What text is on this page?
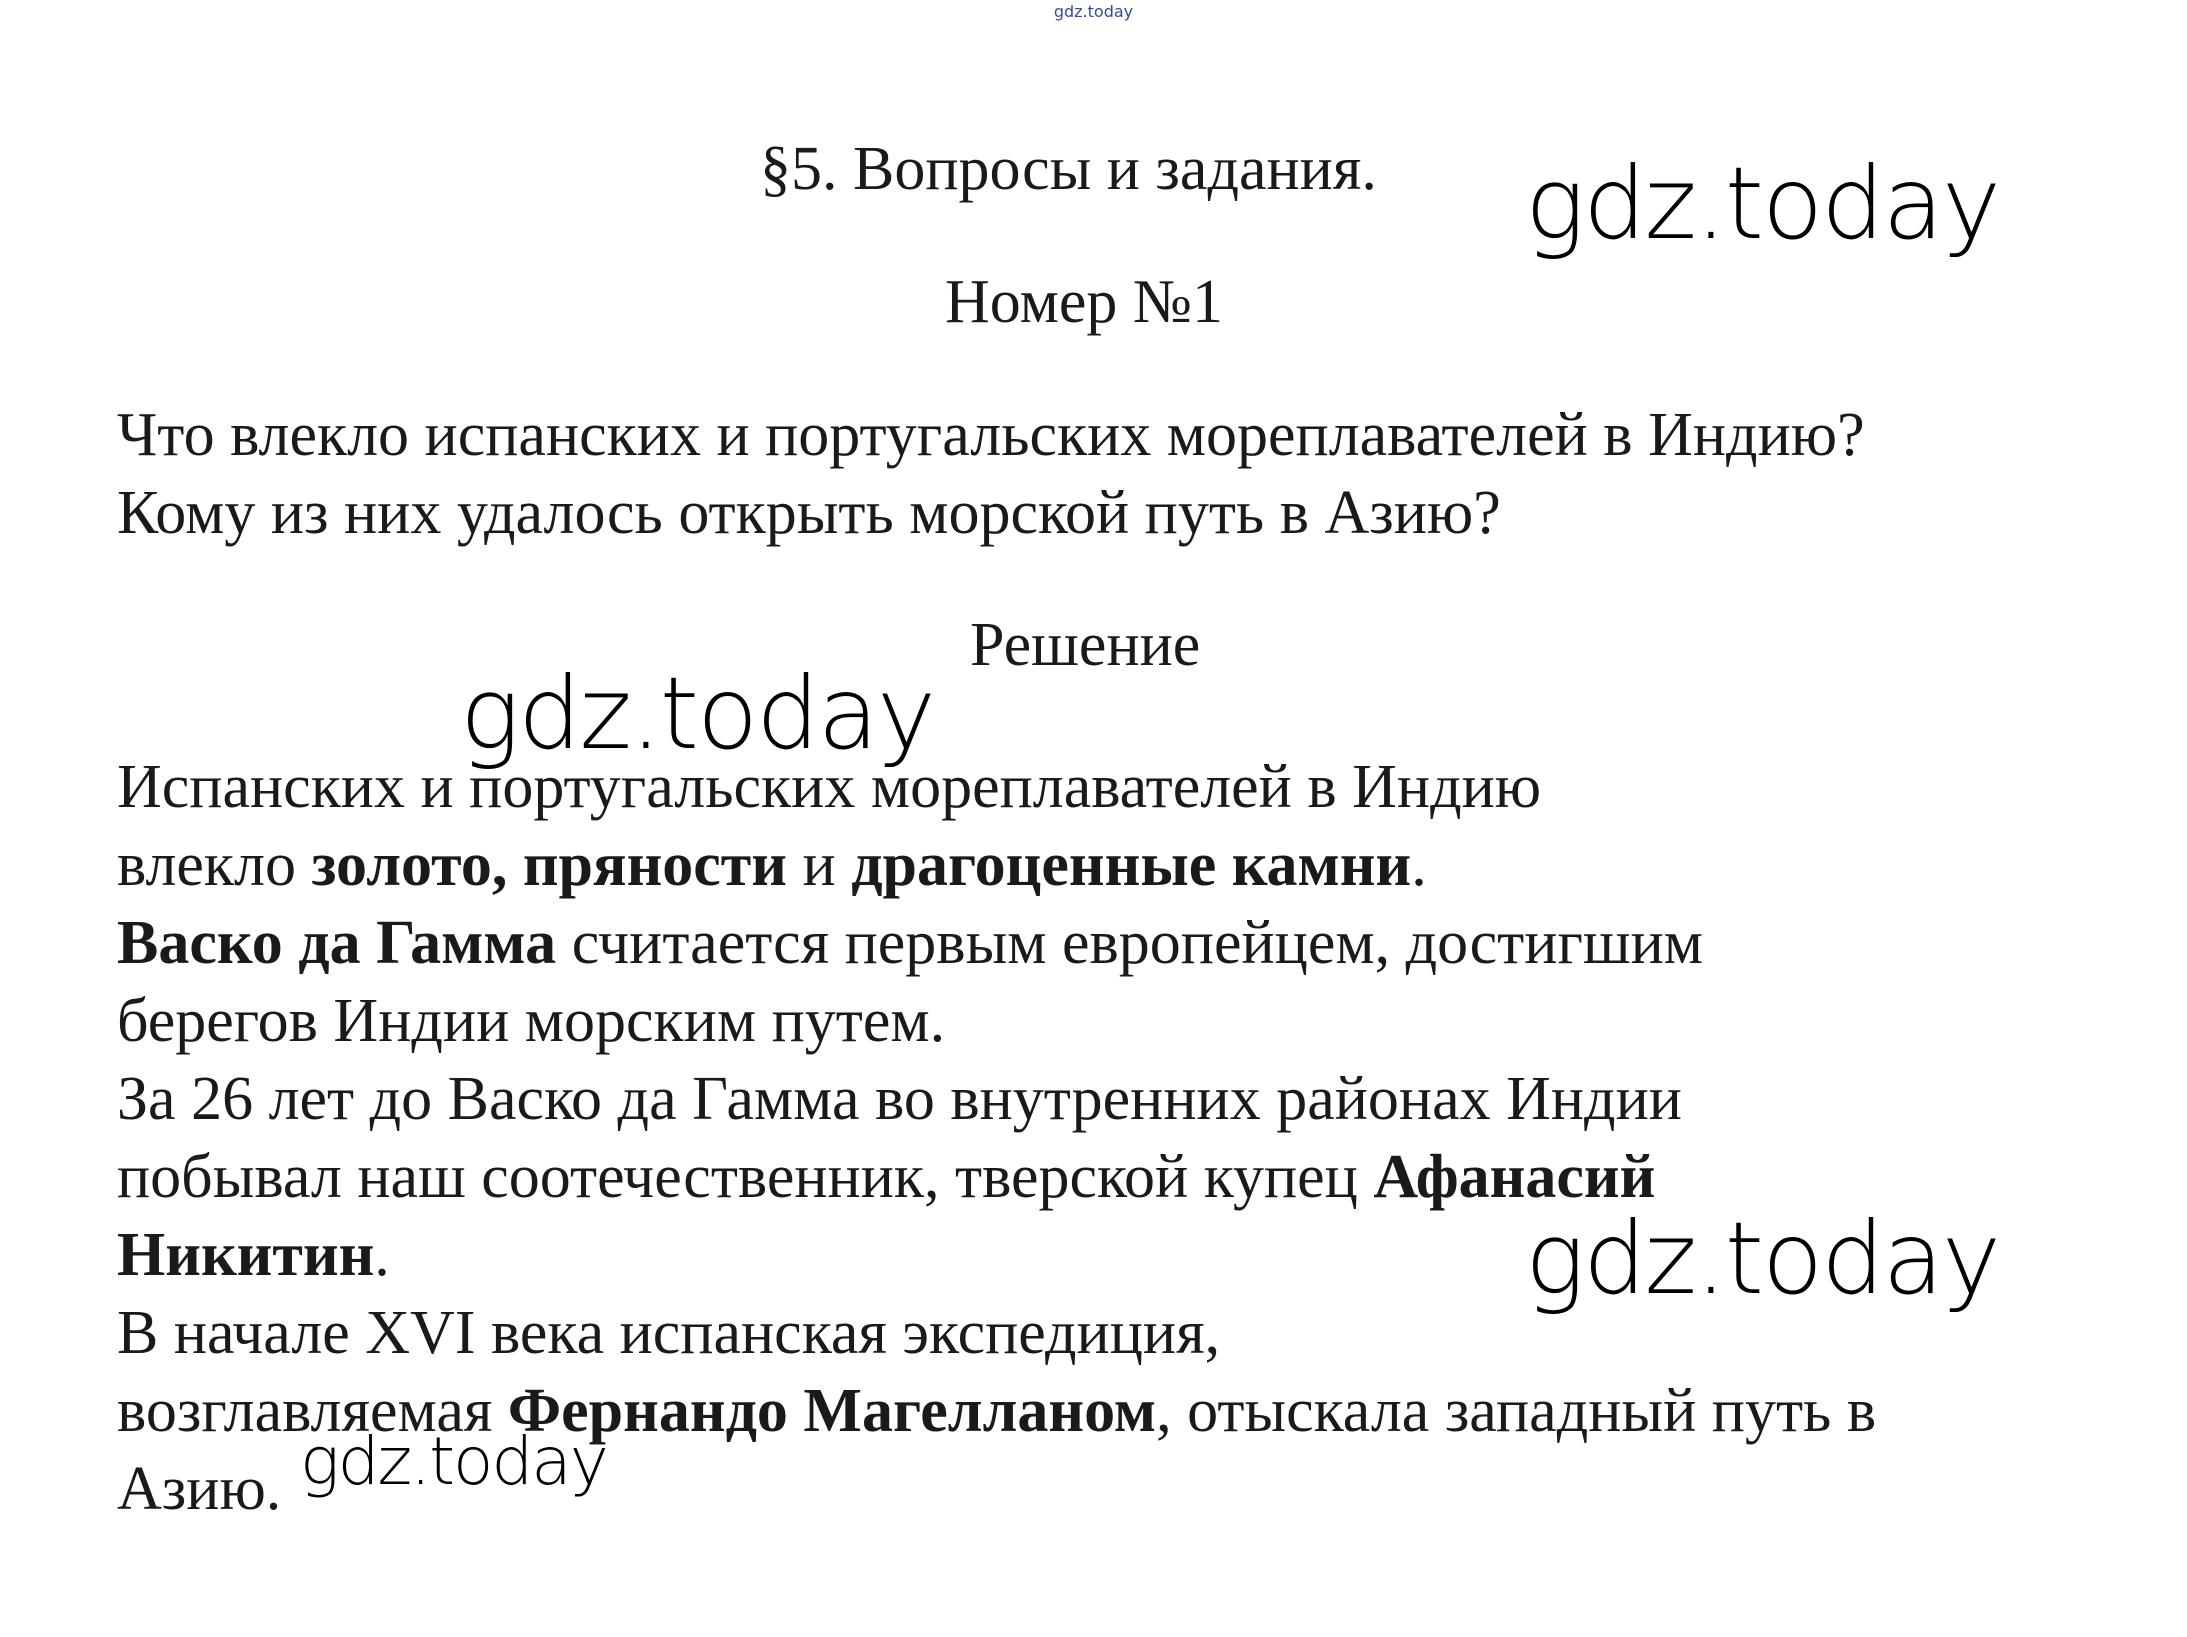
gdz.today
§5. Вопросы и задания.
Номер №1
Что влекло испанских и португальских мореплавателей в Индию?
Кому из них удалось открыть морской путь в Азию?
Решение
Испанских и португальских мореплавателей в Индию
влекло золото, пряности и драгоценные камни.
Васко да Гамма считается первым европейцем, достигшим
берегов Индии морским путем.
За 26 лет до Васко да Гамма во внутренних районах Индии
побывал наш соотечественник, тверской купец Афанасий
Никитин.
В начале XVI века испанская экспедиция,
возглавляемая Фернандо Магелланом, отыскала западный путь в
Азию.
gdz.today
gdz.today
gdz.today
gdz.today
